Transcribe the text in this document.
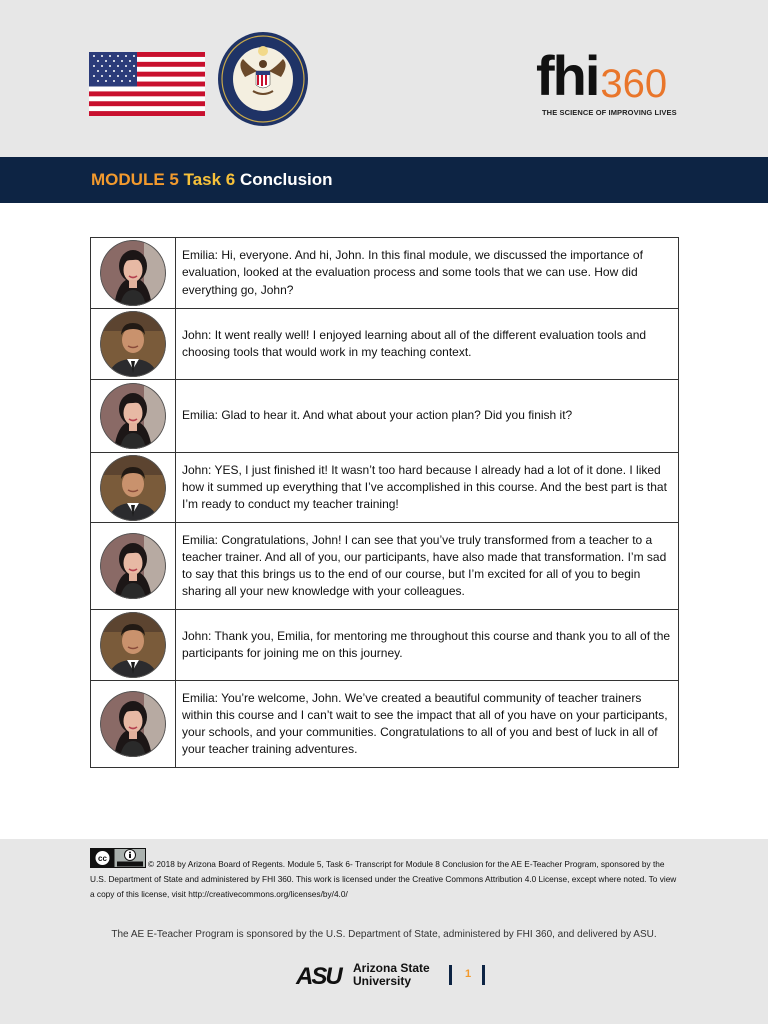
fhi 360
THE SCIENCE OF IMPROVING LIVES
MODULE 5 Task 6 Conclusion
	Emilia: Hi, everyone. And hi, John. In this final module, we discussed the importance of evaluation, looked at the evaluation process and some tools that we can use. How did everything go, John?

	John: It went really well! I enjoyed learning about all of the different evaluation tools and choosing tools that would work in my teaching context.

	Emilia: Glad to hear it. And what about your action plan? Did you finish it?

	John: YES, I just finished it! It wasn’t too hard because I already had a lot of it done. I liked how it summed up everything that I’ve accomplished in this course. And the best part is that I’m ready to conduct my teacher training!

	Emilia: Congratulations, John! I can see that you’ve truly transformed from a teacher to a teacher trainer. And all of you, our participants, have also made that transformation. I’m sad to say that this brings us to the end of our course, but I’m excited for all of you to begin sharing all your new knowledge with your colleagues.

	John: Thank you, Emilia, for mentoring me throughout this course and thank you to all of the participants for joining me on this journey.

	Emilia: You’re welcome, John. We’ve created a beautiful community of teacher trainers within this course and I can’t wait to see the impact that all of you have on your participants, your schools, and your communities. Congratulations to all of you and best of luck in all of your teacher training adventures.
cc
© 2018 by Arizona Board of Regents. Module 5, Task 6- Transcript for Module 8 Conclusion for the AE E-Teacher Program, sponsored by the U.S. Department of State and administered by FHI 360. This work is licensed under the Creative Commons Attribution 4.0 License, except where noted. To view a copy of this license, visit http://creativecommons.org/licenses/by/4.0/
The AE E-Teacher Program is sponsored by the U.S. Department of State, administered by FHI 360, and delivered by ASU.
ASU Arizona State
University	1
